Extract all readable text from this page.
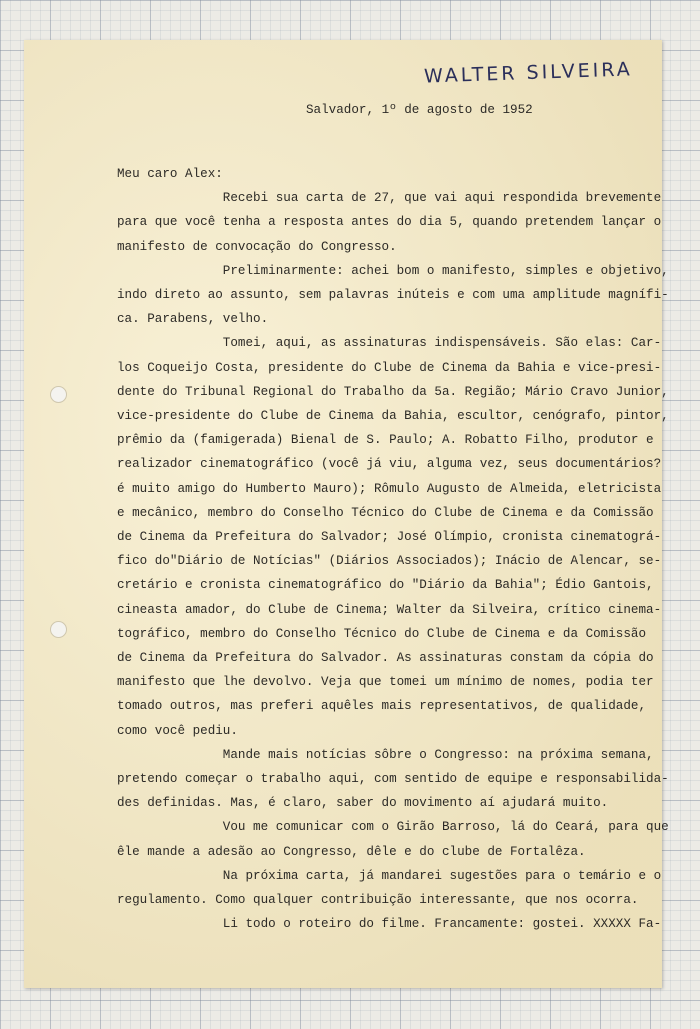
WALTER SILVEIRA
Salvador, 1º de agosto de 1952
Meu caro Alex:
Recebi sua carta de 27, que vai aqui respondida brevemente
para que você tenha a resposta antes do dia 5, quando pretendem lançar o
manifesto de convocação do Congresso.
Preliminarmente: achei bom o manifesto, simples e objetivo,
indo direto ao assunto, sem palavras inúteis e com uma amplitude magnífi-
ca. Parabens, velho.
Tomei, aqui, as assinaturas indispensáveis. São elas: Car-
los Coqueijo Costa, presidente do Clube de Cinema da Bahia e vice-presi-
dente do Tribunal Regional do Trabalho da 5a. Região; Mário Cravo Junior,
vice-presidente do Clube de Cinema da Bahia, escultor, cenógrafo, pintor,
prêmio da (famigerada) Bienal de S. Paulo; A. Robatto Filho, produtor e
realizador cinematográfico (você já viu, alguma vez, seus documentários?
é muito amigo do Humberto Mauro); Rômulo Augusto de Almeida, eletricista
e mecânico, membro do Conselho Técnico do Clube de Cinema e da Comissão
de Cinema da Prefeitura do Salvador; José Olímpio, cronista cinematográ-
fico do"Diário de Notícias" (Diários Associados); Inácio de Alencar, se-
cretário e cronista cinematográfico do "Diário da Bahia"; Édio Gantois,
cineasta amador, do Clube de Cinema; Walter da Silveira, crítico cinema-
tográfico, membro do Conselho Técnico do Clube de Cinema e da Comissão
de Cinema da Prefeitura do Salvador. As assinaturas constam da cópia do
manifesto que lhe devolvo. Veja que tomei um mínimo de nomes, podia ter
tomado outros, mas preferi aquêles mais representativos, de qualidade,
como você pediu.
Mande mais notícias sôbre o Congresso: na próxima semana,
pretendo começar o trabalho aqui, com sentido de equipe e responsabilida-
des definidas. Mas, é claro, saber do movimento aí ajudará muito.
Vou me comunicar com o Girão Barroso, lá do Ceará, para que
êle mande a adesão ao Congresso, dêle e do clube de Fortalêza.
Na próxima carta, já mandarei sugestões para o temário e o
regulamento. Como qualquer contribuição interessante, que nos ocorra.
Li todo o roteiro do filme. Francamente: gostei. XXXXX Fa-
